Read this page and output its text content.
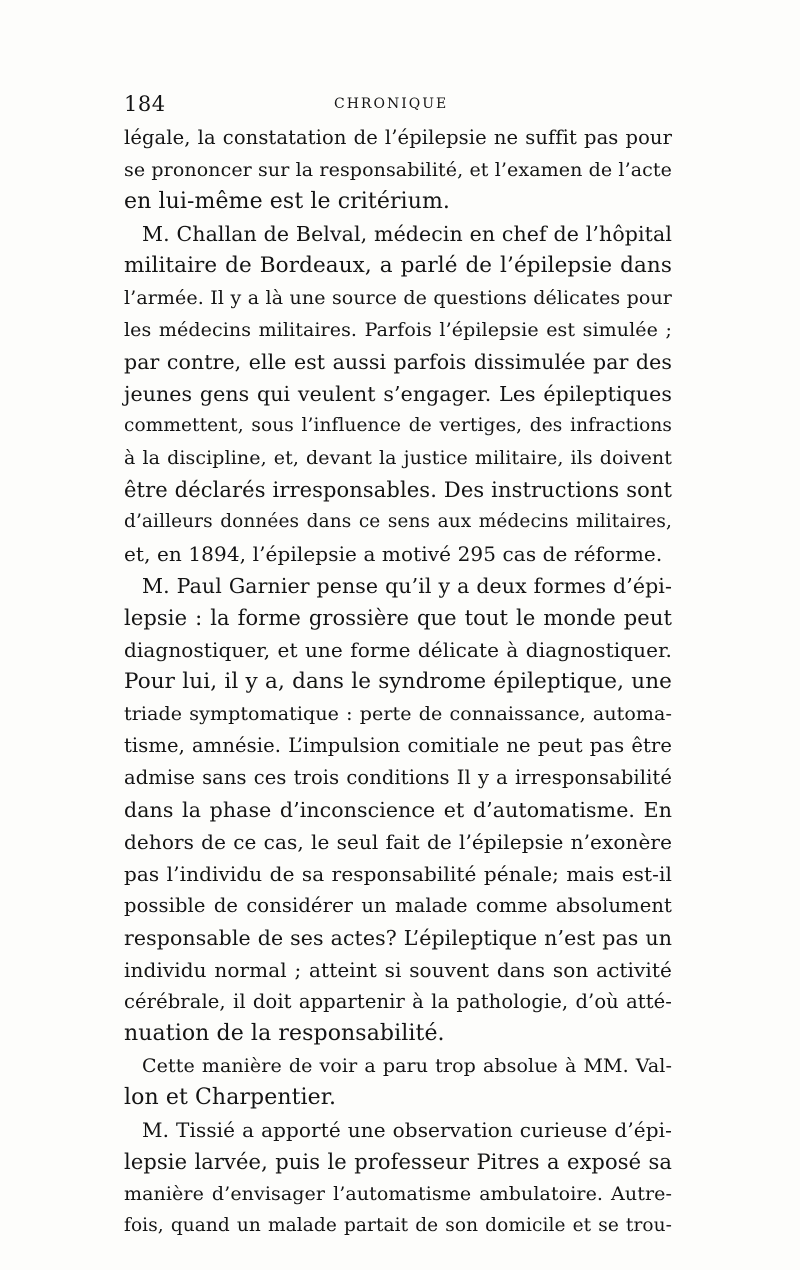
184	CHRONIQUE
légale, la constatation de l’épilepsie ne suffit pas pour
se prononcer sur la responsabilité, et l’examen de l’acte
en lui-même est le critérium.
M. Challan de Belval, médecin en chef de l’hôpital
militaire de Bordeaux, a parlé de l’épilepsie dans
l’armée. Il y a là une source de questions délicates pour
les médecins militaires. Parfois l’épilepsie est simulée ;
par contre, elle est aussi parfois dissimulée par des
jeunes gens qui veulent s’engager. Les épileptiques
commettent, sous l’influence de vertiges, des infractions
à la discipline, et, devant la justice militaire, ils doivent
être déclarés irresponsables. Des instructions sont
d’ailleurs données dans ce sens aux médecins militaires,
et, en 1894, l’épilepsie a motivé 295 cas de réforme.
M. Paul Garnier pense qu’il y a deux formes d’épi-
lepsie : la forme grossière que tout le monde peut
diagnostiquer, et une forme délicate à diagnostiquer.
Pour lui, il y a, dans le syndrome épileptique, une
triade symptomatique : perte de connaissance, automa-
tisme, amnésie. L’impulsion comitiale ne peut pas être
admise sans ces trois conditions Il y a irresponsabilité
dans la phase d’inconscience et d’automatisme. En
dehors de ce cas, le seul fait de l’épilepsie n’exonère
pas l’individu de sa responsabilité pénale; mais est-il
possible de considérer un malade comme absolument
responsable de ses actes? L’épileptique n’est pas un
individu normal ; atteint si souvent dans son activité
cérébrale, il doit appartenir à la pathologie, d’où atté-
nuation de la responsabilité.
Cette manière de voir a paru trop absolue à MM. Val-
lon et Charpentier.
M. Tissié a apporté une observation curieuse d’épi-
lepsie larvée, puis le professeur Pitres a exposé sa
manière d’envisager l’automatisme ambulatoire. Autre-
fois, quand un malade partait de son domicile et se trou-
